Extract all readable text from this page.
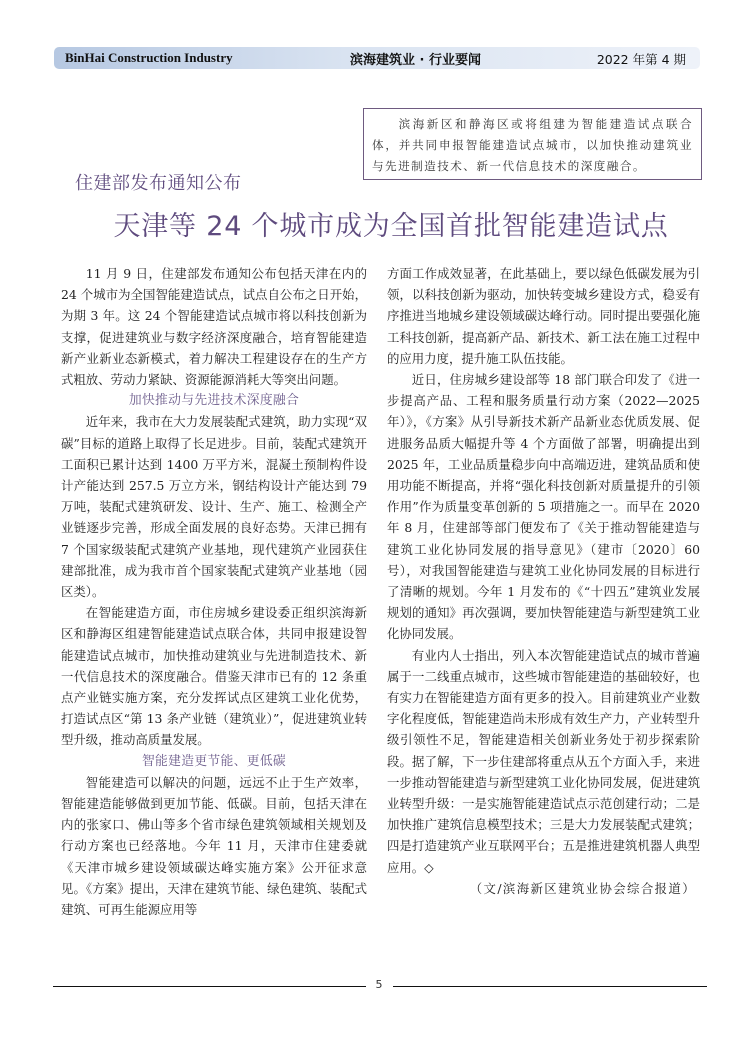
BinHai Construction Industry	滨海建筑业 · 行业要闻	2022 年第 4 期

滨海新区和静海区或将组建为智能建造试点联合体，并共同申报智能建造试点城市，以加快推动建筑业与先进制造技术、新一代信息技术的深度融合。

住建部发布通知公布
天津等 24 个城市成为全国首批智能建造试点

11 月 9 日，住建部发布通知公布包括天津在内的 24 个城市为全国智能建造试点，试点自公布之日开始，为期 3 年。这 24 个智能建造试点城市将以科技创新为支撑，促进建筑业与数字经济深度融合，培育智能建造新产业新业态新模式，着力解决工程建设存在的生产方式粗放、劳动力紧缺、资源能源消耗大等突出问题。

加快推动与先进技术深度融合

近年来，我市在大力发展装配式建筑，助力实现“双碳”目标的道路上取得了长足进步。目前，装配式建筑开工面积已累计达到 1400 万平方米，混凝土预制构件设计产能达到 257.5 万立方米，钢结构设计产能达到 79 万吨，装配式建筑研发、设计、生产、施工、检测全产业链逐步完善，形成全面发展的良好态势。天津已拥有 7 个国家级装配式建筑产业基地，现代建筑产业园获住建部批准，成为我市首个国家装配式建筑产业基地（园区类）。

在智能建造方面，市住房城乡建设委正组织滨海新区和静海区组建智能建造试点联合体，共同申报建设智能建造试点城市，加快推动建筑业与先进制造技术、新一代信息技术的深度融合。借鉴天津市已有的 12 条重点产业链实施方案，充分发挥试点区建筑工业化优势，打造试点区“第 13 条产业链（建筑业）”，促进建筑业转型升级，推动高质量发展。

智能建造更节能、更低碳

智能建造可以解决的问题，远远不止于生产效率，智能建造能够做到更加节能、低碳。目前，包括天津在内的张家口、佛山等多个省市绿色建筑领域相关规划及行动方案也已经落地。今年 11 月，天津市住建委就《天津市城乡建设领域碳达峰实施方案》公开征求意见。《方案》提出，天津在建筑节能、绿色建筑、装配式建筑、可再生能源应用等

方面工作成效显著，在此基础上，要以绿色低碳发展为引领，以科技创新为驱动，加快转变城乡建设方式，稳妥有序推进当地城乡建设领域碳达峰行动。同时提出要强化施工科技创新，提高新产品、新技术、新工法在施工过程中的应用力度，提升施工队伍技能。

近日，住房城乡建设部等 18 部门联合印发了《进一步提高产品、工程和服务质量行动方案（2022—2025 年）》，《方案》从引导新技术新产品新业态优质发展、促进服务品质大幅提升等 4 个方面做了部署，明确提出到 2025 年，工业品质量稳步向中高端迈进，建筑品质和使用功能不断提高，并将“强化科技创新对质量提升的引领作用”作为质量变革创新的 5 项措施之一。而早在 2020 年 8 月，住建部等部门便发布了《关于推动智能建造与建筑工业化协同发展的指导意见》（建市〔2020〕60 号），对我国智能建造与建筑工业化协同发展的目标进行了清晰的规划。今年 1 月发布的《“十四五”建筑业发展规划的通知》再次强调，要加快智能建造与新型建筑工业化协同发展。

有业内人士指出，列入本次智能建造试点的城市普遍属于一二线重点城市，这些城市智能建造的基础较好，也有实力在智能建造方面有更多的投入。目前建筑业产业数字化程度低，智能建造尚未形成有效生产力，产业转型升级引领性不足，智能建造相关创新业务处于初步探索阶段。据了解，下一步住建部将重点从五个方面入手，来进一步推动智能建造与新型建筑工业化协同发展，促进建筑业转型升级：一是实施智能建造试点示范创建行动；二是加快推广建筑信息模型技术；三是大力发展装配式建筑；四是打造建筑产业互联网平台；五是推进建筑机器人典型应用。◇

（文/滨海新区建筑业协会综合报道）

5
